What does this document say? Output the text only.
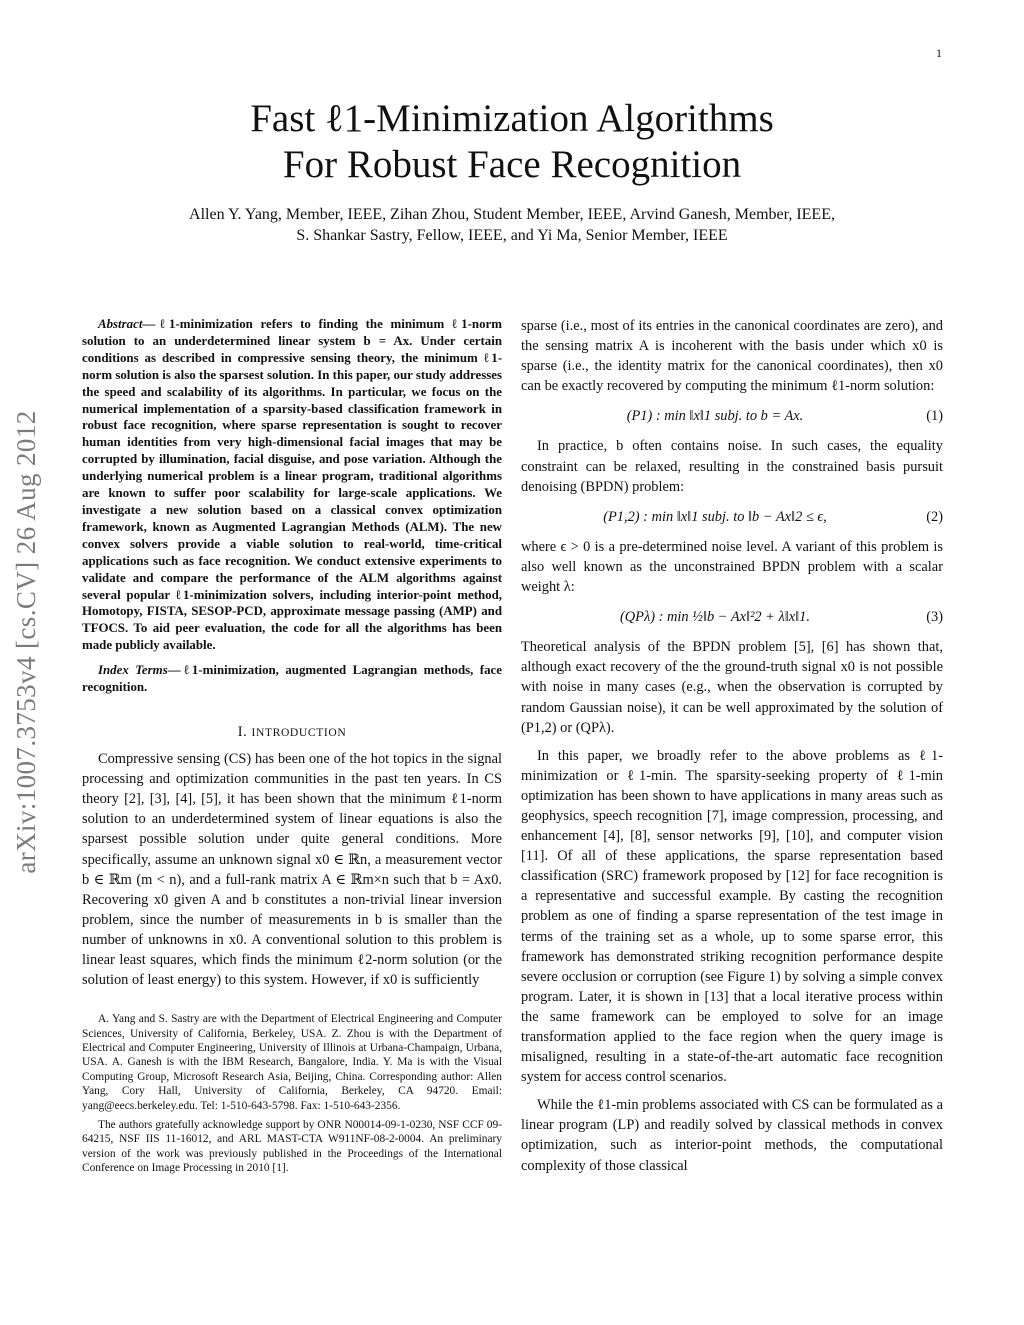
1
arXiv:1007.3753v4 [cs.CV] 26 Aug 2012
Fast ℓ1-Minimization Algorithms
For Robust Face Recognition
Allen Y. Yang, Member, IEEE, Zihan Zhou, Student Member, IEEE, Arvind Ganesh, Member, IEEE,
S. Shankar Sastry, Fellow, IEEE, and Yi Ma, Senior Member, IEEE

Abstract—ℓ1-minimization refers to finding the minimum ℓ1-norm solution to an underdetermined linear system b = Ax. Under certain conditions as described in compressive sensing theory, the minimum ℓ1-norm solution is also the sparsest solution. In this paper, our study addresses the speed and scalability of its algorithms. In particular, we focus on the numerical implementation of a sparsity-based classification framework in robust face recognition, where sparse representation is sought to recover human identities from very high-dimensional facial images that may be corrupted by illumination, facial disguise, and pose variation. Although the underlying numerical problem is a linear program, traditional algorithms are known to suffer poor scalability for large-scale applications. We investigate a new solution based on a classical convex optimization framework, known as Augmented Lagrangian Methods (ALM). The new convex solvers provide a viable solution to real-world, time-critical applications such as face recognition. We conduct extensive experiments to validate and compare the performance of the ALM algorithms against several popular ℓ1-minimization solvers, including interior-point method, Homotopy, FISTA, SESOP-PCD, approximate message passing (AMP) and TFOCS. To aid peer evaluation, the code for all the algorithms has been made publicly available.

Index Terms—ℓ1-minimization, augmented Lagrangian methods, face recognition.
I. INTRODUCTION

Compressive sensing (CS) has been one of the hot topics in the signal processing and optimization communities in the past ten years. In CS theory [2], [3], [4], [5], it has been shown that the minimum ℓ1-norm solution to an underdetermined system of linear equations is also the sparsest possible solution under quite general conditions. More specifically, assume an unknown signal x0 ∈ ℝn, a measurement vector b ∈ ℝm (m < n), and a full-rank matrix A ∈ ℝm×n such that b = Ax0. Recovering x0 given A and b constitutes a non-trivial linear inversion problem, since the number of measurements in b is smaller than the number of unknowns in x0. A conventional solution to this problem is linear least squares, which finds the minimum ℓ2-norm solution (or the solution of least energy) to this system. However, if x0 is sufficiently

A. Yang and S. Sastry are with the Department of Electrical Engineering and Computer Sciences, University of California, Berkeley, USA. Z. Zhou is with the Department of Electrical and Computer Engineering, University of Illinois at Urbana-Champaign, Urbana, USA. A. Ganesh is with the IBM Research, Bangalore, India. Y. Ma is with the Visual Computing Group, Microsoft Research Asia, Beijing, China. Corresponding author: Allen Yang, Cory Hall, University of California, Berkeley, CA 94720. Email: yang@eecs.berkeley.edu. Tel: 1-510-643-5798. Fax: 1-510-643-2356.

The authors gratefully acknowledge support by ONR N00014-09-1-0230, NSF CCF 09-64215, NSF IIS 11-16012, and ARL MAST-CTA W911NF-08-2-0004. An preliminary version of the work was previously published in the Proceedings of the International Conference on Image Processing in 2010 [1].

sparse (i.e., most of its entries in the canonical coordinates are zero), and the sensing matrix A is incoherent with the basis under which x0 is sparse (i.e., the identity matrix for the canonical coordinates), then x0 can be exactly recovered by computing the minimum ℓ1-norm solution:

(P1) : min ‖x‖1 subj. to b = Ax.	(1)

In practice, b often contains noise. In such cases, the equality constraint can be relaxed, resulting in the constrained basis pursuit denoising (BPDN) problem:

(P1,2) : min ‖x‖1 subj. to ‖b − Ax‖2 ≤ ϵ,	(2)

where ϵ > 0 is a pre-determined noise level. A variant of this problem is also well known as the unconstrained BPDN problem with a scalar weight λ:

(QPλ) : min ½‖b − Ax‖²2 + λ‖x‖1.	(3)

Theoretical analysis of the BPDN problem [5], [6] has shown that, although exact recovery of the the ground-truth signal x0 is not possible with noise in many cases (e.g., when the observation is corrupted by random Gaussian noise), it can be well approximated by the solution of (P1,2) or (QPλ).

In this paper, we broadly refer to the above problems as ℓ1-minimization or ℓ1-min. The sparsity-seeking property of ℓ1-min optimization has been shown to have applications in many areas such as geophysics, speech recognition [7], image compression, processing, and enhancement [4], [8], sensor networks [9], [10], and computer vision [11]. Of all of these applications, the sparse representation based classification (SRC) framework proposed by [12] for face recognition is a representative and successful example. By casting the recognition problem as one of finding a sparse representation of the test image in terms of the training set as a whole, up to some sparse error, this framework has demonstrated striking recognition performance despite severe occlusion or corruption (see Figure 1) by solving a simple convex program. Later, it is shown in [13] that a local iterative process within the same framework can be employed to solve for an image transformation applied to the face region when the query image is misaligned, resulting in a state-of-the-art automatic face recognition system for access control scenarios.

While the ℓ1-min problems associated with CS can be formulated as a linear program (LP) and readily solved by classical methods in convex optimization, such as interior-point methods, the computational complexity of those classical
